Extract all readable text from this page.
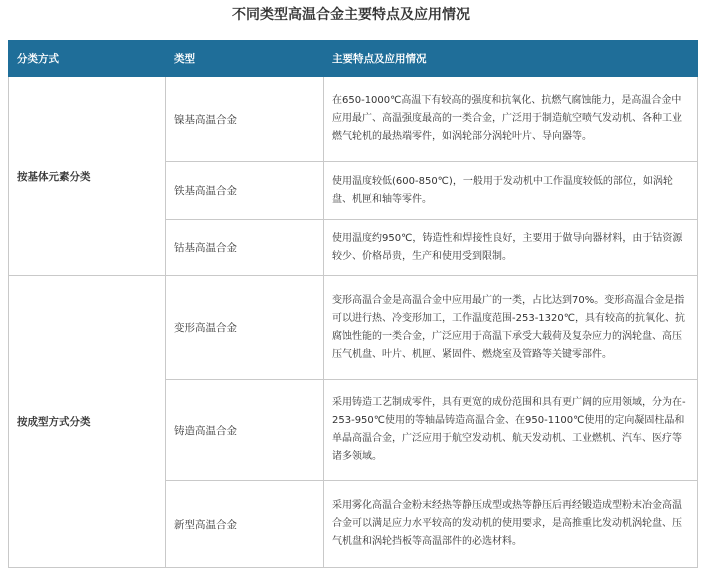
不同类型高温合金主要特点及应用情况
分类方式	类型	主要特点及应用情况
按基体元素分类	镍基高温合金	在650-1000℃高温下有较高的强度和抗氧化、抗燃气腐蚀能力，是高温合金中应用最广、高温强度最高的一类合金，广泛用于制造航空喷气发动机、各种工业燃气轮机的最热端零件，如涡轮部分涡轮叶片、导向器等。
	铁基高温合金	使用温度较低(600-850℃)，一般用于发动机中工作温度较低的部位，如涡轮盘、机匣和轴等零件。
	钴基高温合金	使用温度约950℃，铸造性和焊接性良好，主要用于做导向器材料，由于钴资源较少、价格昂贵，生产和使用受到限制。
按成型方式分类	变形高温合金	变形高温合金是高温合金中应用最广的一类，占比达到70%。变形高温合金是指可以进行热、冷变形加工，工作温度范围-253-1320℃，具有较高的抗氧化、抗腐蚀性能的一类合金，广泛应用于高温下承受大载荷及复杂应力的涡轮盘、高压压气机盘、叶片、机匣、紧固件、燃烧室及管路等关键零部件。
	铸造高温合金	采用铸造工艺制成零件，具有更宽的成份范围和具有更广阔的应用领域，分为在-253-950℃使用的等轴晶铸造高温合金、在950-1100℃使用的定向凝固柱晶和单晶高温合金，广泛应用于航空发动机、航天发动机、工业燃机、汽车、医疗等诸多领域。
	新型高温合金	采用雾化高温合金粉末经热等静压成型或热等静压后再经锻造成型粉末冶金高温合金可以满足应力水平较高的发动机的使用要求，是高推重比发动机涡轮盘、压气机盘和涡轮挡板等高温部件的必选材料。
